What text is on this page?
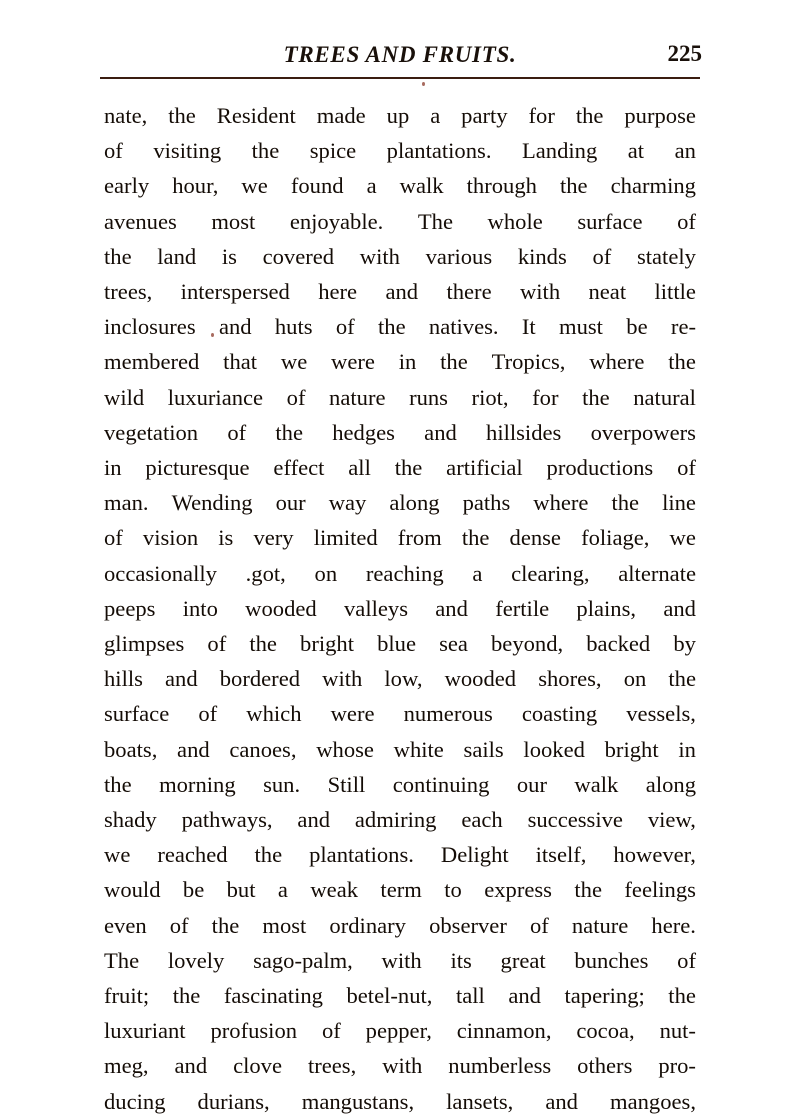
TREES AND FRUITS.	225
nate, the Resident made up a party for the purpose
of visiting the spice plantations. Landing at an
early hour, we found a walk through the charming
avenues most enjoyable. The whole surface of
the land is covered with various kinds of stately
trees, interspersed here and there with neat little
inclosures and huts of the natives. It must be re-
membered that we were in the Tropics, where the
wild luxuriance of nature runs riot, for the natural
vegetation of the hedges and hillsides overpowers
in picturesque effect all the artificial productions of
man. Wending our way along paths where the line
of vision is very limited from the dense foliage, we
occasionally .got, on reaching a clearing, alternate
peeps into wooded valleys and fertile plains, and
glimpses of the bright blue sea beyond, backed by
hills and bordered with low, wooded shores, on the
surface of which were numerous coasting vessels,
boats, and canoes, whose white sails looked bright in
the morning sun. Still continuing our walk along
shady pathways, and admiring each successive view,
we reached the plantations. Delight itself, however,
would be but a weak term to express the feelings
even of the most ordinary observer of nature here.
The lovely sago-palm, with its great bunches of
fruit; the fascinating betel-nut, tall and tapering; the
luxuriant profusion of pepper, cinnamon, cocoa, nut-
meg, and clove trees, with numberless others pro-
ducing durians, mangustans, lansets, and mangoes,
